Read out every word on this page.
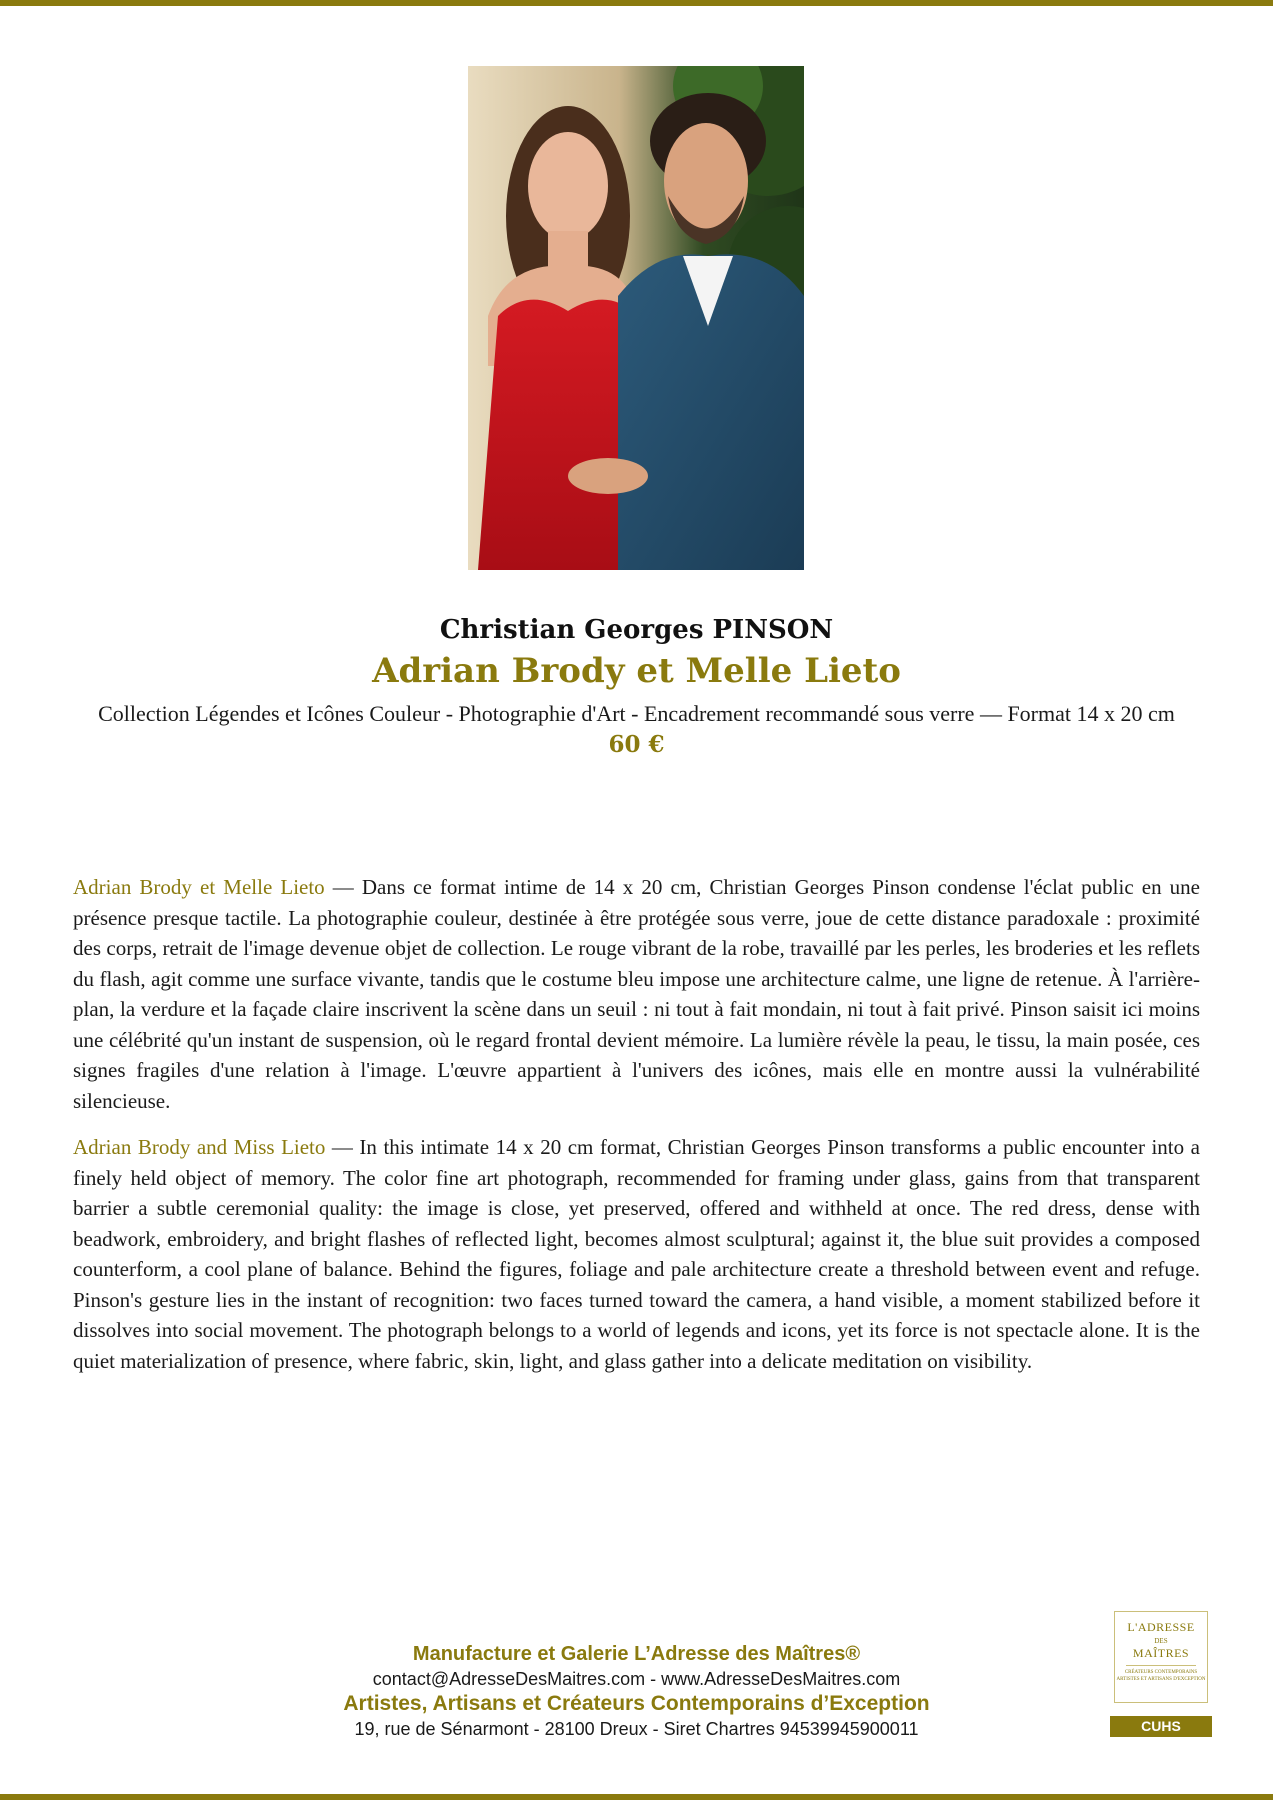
Christian Georges PINSON
Adrian Brody et Melle Lieto
Collection Légendes et Icônes Couleur - Photographie d'Art - Encadrement recommandé sous verre — Format 14 x 20 cm
60 €

Adrian Brody et Melle Lieto — Dans ce format intime de 14 x 20 cm, Christian Georges Pinson condense l'éclat public en une présence presque tactile. La photographie couleur, destinée à être protégée sous verre, joue de cette distance paradoxale : proximité des corps, retrait de l'image devenue objet de collection. Le rouge vibrant de la robe, travaillé par les perles, les broderies et les reflets du flash, agit comme une surface vivante, tandis que le costume bleu impose une architecture calme, une ligne de retenue. À l'arrière-plan, la verdure et la façade claire inscrivent la scène dans un seuil : ni tout à fait mondain, ni tout à fait privé. Pinson saisit ici moins une célébrité qu'un instant de suspension, où le regard frontal devient mémoire. La lumière révèle la peau, le tissu, la main posée, ces signes fragiles d'une relation à l'image. L'œuvre appartient à l'univers des icônes, mais elle en montre aussi la vulnérabilité silencieuse.

Adrian Brody and Miss Lieto — In this intimate 14 x 20 cm format, Christian Georges Pinson transforms a public encounter into a finely held object of memory. The color fine art photograph, recommended for framing under glass, gains from that transparent barrier a subtle ceremonial quality: the image is close, yet preserved, offered and withheld at once. The red dress, dense with beadwork, embroidery, and bright flashes of reflected light, becomes almost sculptural; against it, the blue suit provides a composed counterform, a cool plane of balance. Behind the figures, foliage and pale architecture create a threshold between event and refuge. Pinson's gesture lies in the instant of recognition: two faces turned toward the camera, a hand visible, a moment stabilized before it dissolves into social movement. The photograph belongs to a world of legends and icons, yet its force is not spectacle alone. It is the quiet materialization of presence, where fabric, skin, light, and glass gather into a delicate meditation on visibility.

Manufacture et Galerie L’Adresse des Maîtres®
contact@AdresseDesMaitres.com - www.AdresseDesMaitres.com
Artistes, Artisans et Créateurs Contemporains d’Exception
19, rue de Sénarmont - 28100 Dreux - Siret Chartres 94539945900011
L'ADRESSE
DES
MAÎTRES
CRÉATEURS CONTEMPORAINS ARTISTES ET ARTISANS D'EXCEPTION
CUHS
